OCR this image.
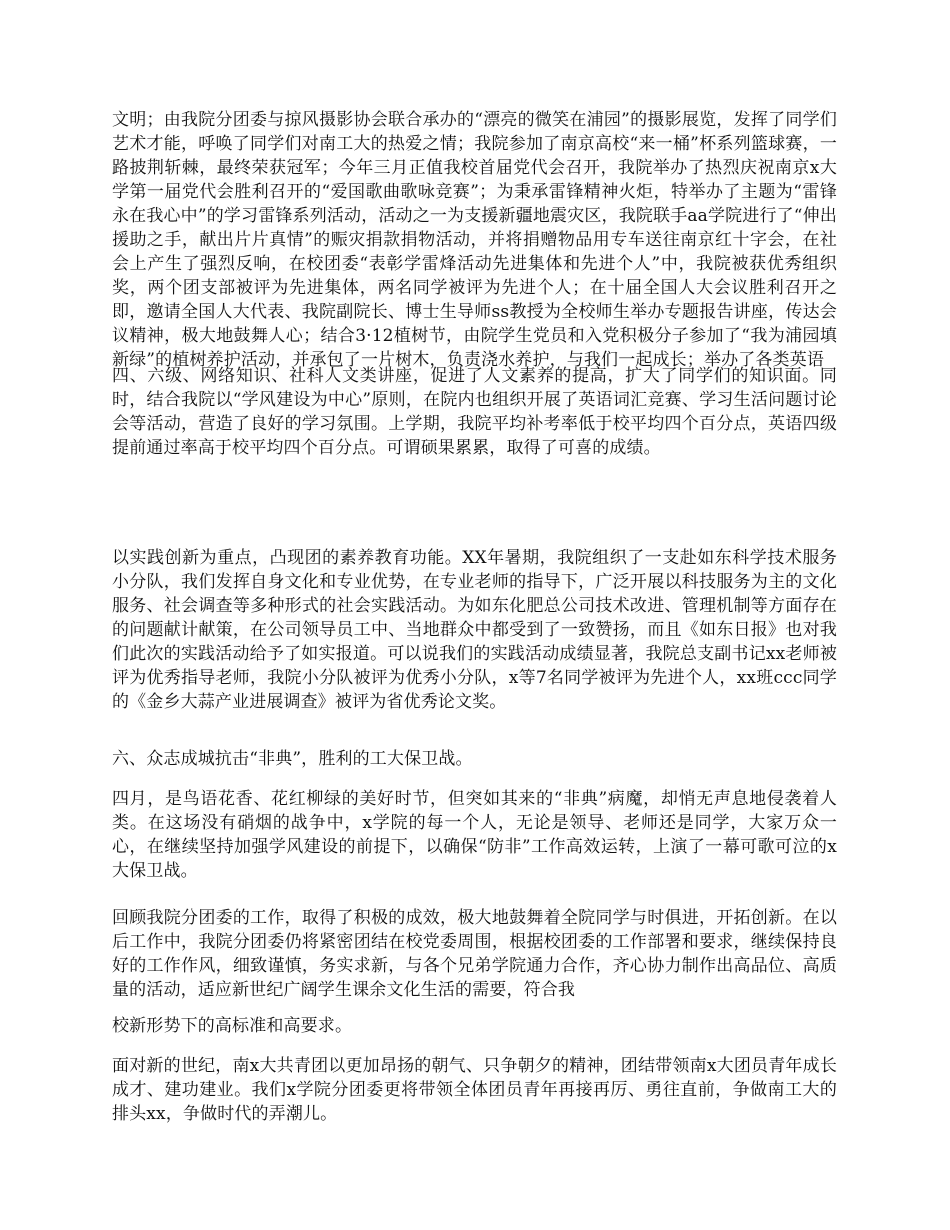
文明；由我院分团委与掠风摄影协会联合承办的“漂亮的微笑在浦园”的摄影展览，发挥了同学们艺术才能，呼唤了同学们对南工大的热爱之情；我院参加了南京高校“来一桶”杯系列篮球赛，一路披荆斩棘，最终荣获冠军；今年三月正值我校首届党代会召开，我院举办了热烈庆祝南京x大学第一届党代会胜利召开的“爱国歌曲歌咏竞赛”；为秉承雷锋精神火炬，特举办了主题为“雷锋永在我心中”的学习雷锋系列活动，活动之一为支援新疆地震灾区，我院联手aa学院进行了“伸出援助之手，献出片片真情”的赈灾捐款捐物活动，并将捐赠物品用专车送往南京红十字会，在社会上产生了强烈反响，在校团委“表彰学雷烽活动先进集体和先进个人”中，我院被获优秀组织奖，两个团支部被评为先进集体，两名同学被评为先进个人；在十届全国人大会议胜利召开之即，邀请全国人大代表、我院副院长、博士生导师ss教授为全校师生举办专题报告讲座，传达会议精神，极大地鼓舞人心；结合3·12植树节，由院学生党员和入党积极分子参加了“我为浦园填新绿”的植树养护活动，并承包了一片树木，负责浇水养护，与我们一起成长；举办了各类英语

四、六级、网络知识、社科人文类讲座，促进了人文素养的提高，扩大了同学们的知识面。同时，结合我院以“学风建设为中心”原则，在院内也组织开展了英语词汇竞赛、学习生活问题讨论会等活动，营造了良好的学习氛围。上学期，我院平均补考率低于校平均四个百分点，英语四级提前通过率高于校平均四个百分点。可谓硕果累累，取得了可喜的成绩。

以实践创新为重点，凸现团的素养教育功能。XX年暑期，我院组织了一支赴如东科学技术服务小分队，我们发挥自身文化和专业优势，在专业老师的指导下，广泛开展以科技服务为主的文化服务、社会调查等多种形式的社会实践活动。为如东化肥总公司技术改进、管理机制等方面存在的问题献计献策，在公司领导员工中、当地群众中都受到了一致赞扬，而且《如东日报》也对我们此次的实践活动给予了如实报道。可以说我们的实践活动成绩显著，我院总支副书记xx老师被评为优秀指导老师，我院小分队被评为优秀小分队，x等7名同学被评为先进个人，xx班ccc同学的《金乡大蒜产业进展调查》被评为省优秀论文奖。

六、众志成城抗击“非典”，胜利的工大保卫战。

四月，是鸟语花香、花红柳绿的美好时节，但突如其来的“非典”病魔，却悄无声息地侵袭着人类。在这场没有硝烟的战争中，x学院的每一个人，无论是领导、老师还是同学，大家万众一心，在继续坚持加强学风建设的前提下，以确保“防非”工作高效运转，上演了一幕可歌可泣的x大保卫战。

回顾我院分团委的工作，取得了积极的成效，极大地鼓舞着全院同学与时俱进，开拓创新。在以后工作中，我院分团委仍将紧密团结在校党委周围，根据校团委的工作部署和要求，继续保持良好的工作作风，细致谨慎，务实求新，与各个兄弟学院通力合作，齐心协力制作出高品位、高质量的活动，适应新世纪广阔学生课余文化生活的需要，符合我

校新形势下的高标准和高要求。

面对新的世纪，南x大共青团以更加昂扬的朝气、只争朝夕的精神，团结带领南x大团员青年成长成才、建功建业。我们x学院分团委更将带领全体团员青年再接再厉、勇往直前，争做南工大的排头xx，争做时代的弄潮儿。
